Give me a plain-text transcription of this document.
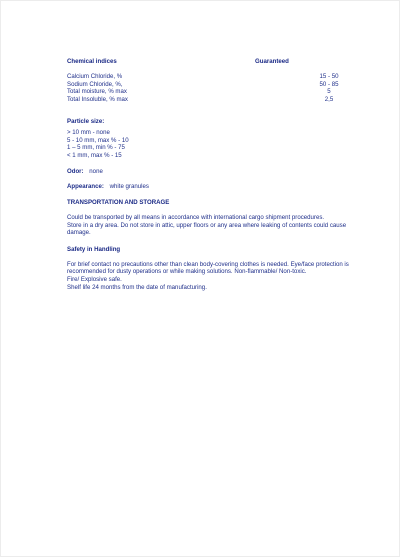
Chemical indices	Guaranteed
Calcium Chloride, %	15 - 50
Sodium Chloride, %,	50 - 85
Total moisture, % max	5
Total Insoluble, % max	2,5
Particle size:
> 10 mm - none
5 - 10 mm, max % - 10
1 – 5 mm, min % - 75
< 1 mm, max % - 15
Odor: none
Appearance: white granules
TRANSPORTATION AND STORAGE
Could be transported by all means in accordance with international cargo shipment procedures.
Store in a dry area. Do not store in attic, upper floors or any area where leaking of contents could cause damage.
Safety in Handling
For brief contact no precautions other than clean body-covering clothes is needed. Eye/face protection is recommended for dusty operations or while making solutions. Non-flammable/ Non-toxic.
Fire/ Explosive safe.
Shelf life 24 months from the date of manufacturing.
